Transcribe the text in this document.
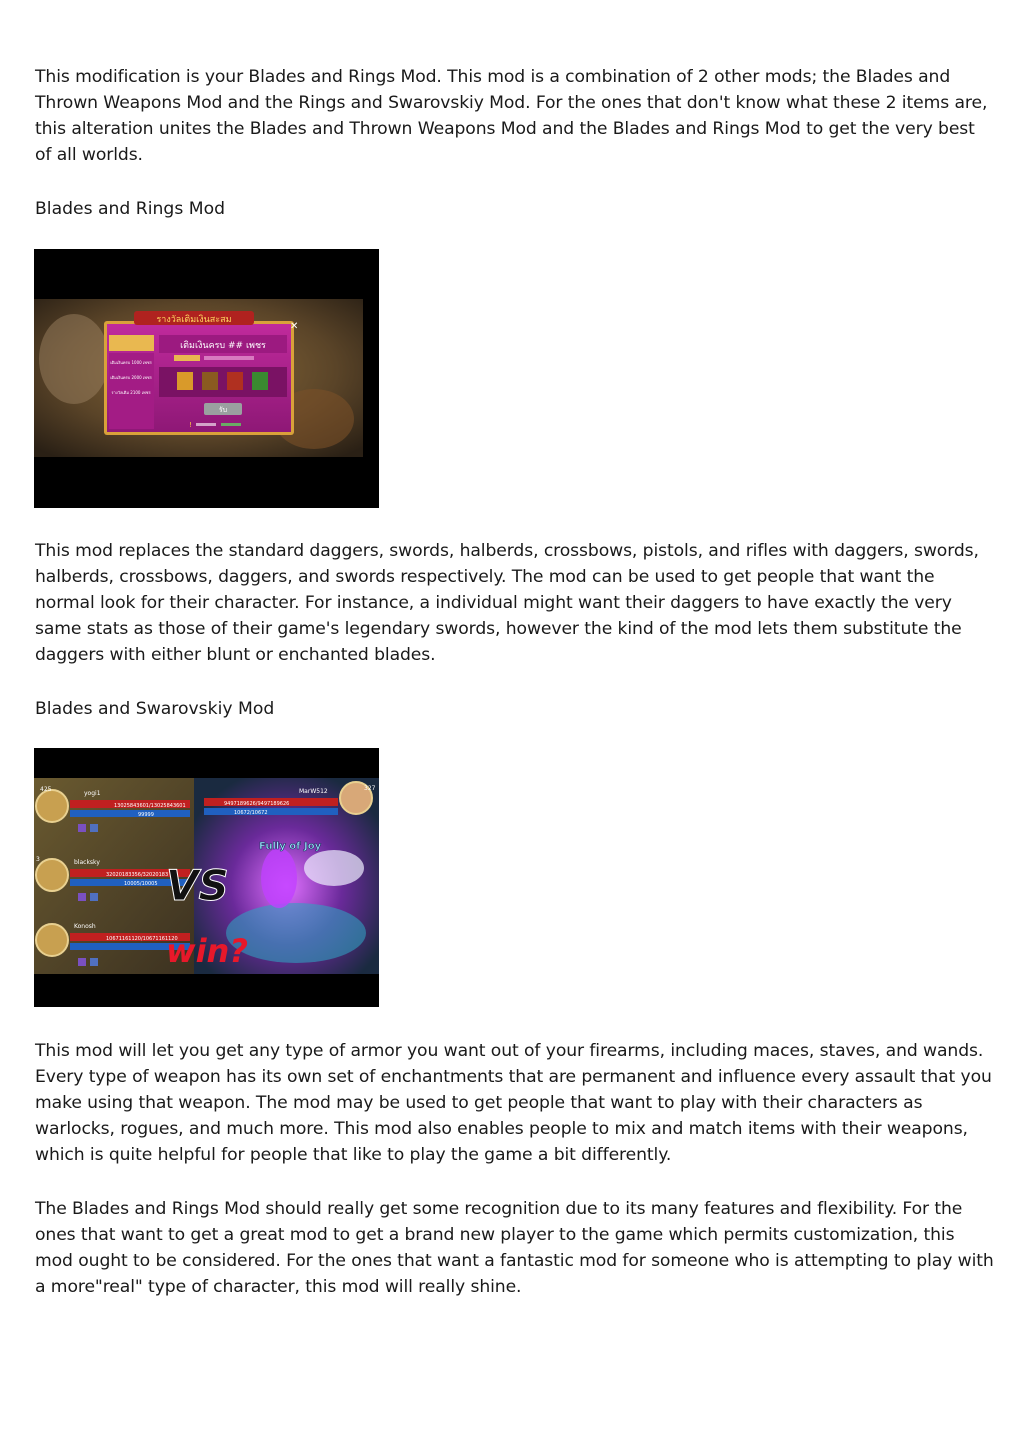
This modification is your Blades and Rings Mod. This mod is a combination of 2 other mods; the Blades and Thrown Weapons Mod and the Rings and Swarovskiy Mod. For the ones that don't know what these 2 items are, this alteration unites the Blades and Thrown Weapons Mod and the Blades and Rings Mod to get the very best of all worlds.

Blades and Rings Mod

รางวัลเติมเงินสะสม
✕
เติมเงินครบ 1000 เพชร
เติมเงินครบ 2000 เพชร
รางวัลเติม 2100 เพชร
เติมเงินครบ ## เพชร
รับ
!

This mod replaces the standard daggers, swords, halberds, crossbows, pistols, and rifles with daggers, swords, halberds, crossbows, daggers, and swords respectively. The mod can be used to get people that want the normal look for their character. For instance, a individual might want their daggers to have exactly the very same stats as those of their game's legendary swords, however the kind of the mod lets them substitute the daggers with either blunt or enchanted blades.

Blades and Swarovskiy Mod

425
yogi1
13025843601/13025843601
99999
3	blacksky
32020183356/32020183
10005/10005
Konosh
10671161120/10671161120
327
MarW512
9497189626/9497189626
10672/10672
Fully of Joy
VS
win?

This mod will let you get any type of armor you want out of your firearms, including maces, staves, and wands. Every type of weapon has its own set of enchantments that are permanent and influence every assault that you make using that weapon. The mod may be used to get people that want to play with their characters as warlocks, rogues, and much more. This mod also enables people to mix and match items with their weapons, which is quite helpful for people that like to play the game a bit differently.

The Blades and Rings Mod should really get some recognition due to its many features and flexibility. For the ones that want to get a great mod to get a brand new player to the game which permits customization, this mod ought to be considered. For the ones that want a fantastic mod for someone who is attempting to play with a more"real" type of character, this mod will really shine.
